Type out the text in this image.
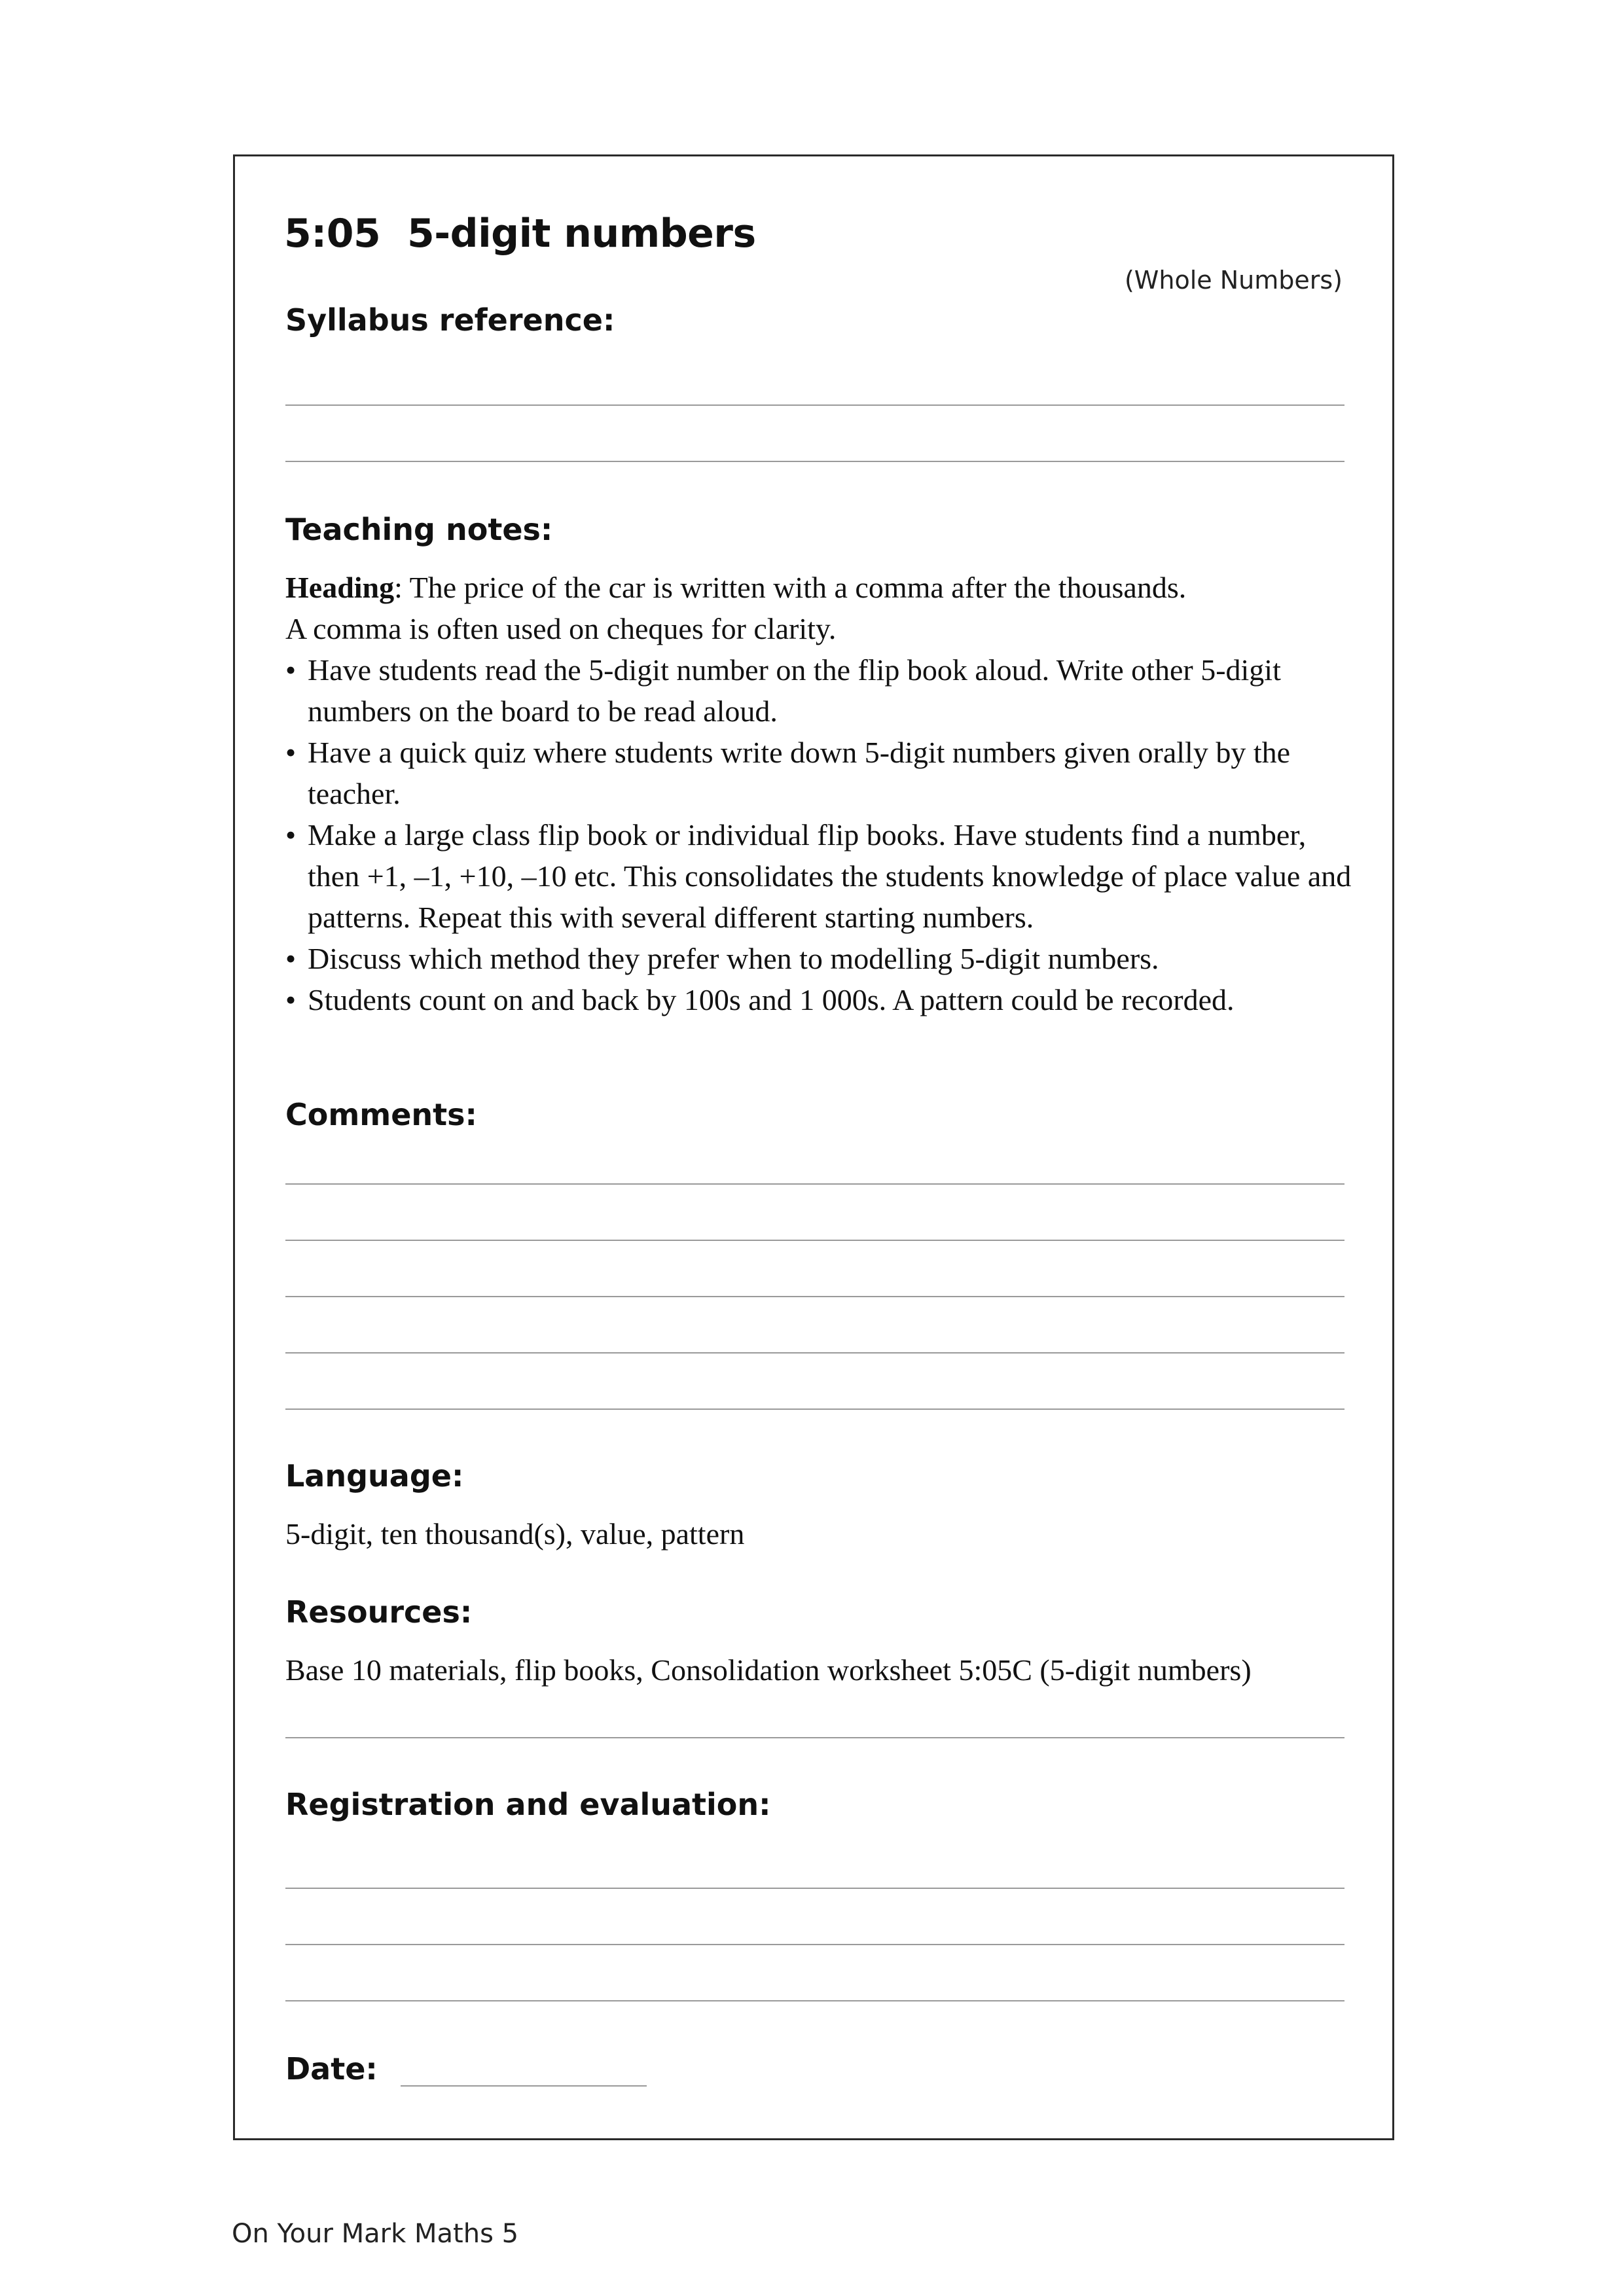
5:05  5-digit numbers
(Whole Numbers)
Syllabus reference:
Teaching notes:

Heading: The price of the car is written with a comma after the thousands.

A comma is often used on cheques for clarity.

• Have students read the 5-digit number on the flip book aloud. Write other 5-digit numbers on the board to be read aloud.
• Have a quick quiz where students write down 5-digit numbers given orally by the teacher.
• Make a large class flip book or individual flip books. Have students find a number, then +1, –1, +10, –10 etc. This consolidates the students knowledge of place value and patterns. Repeat this with several different starting numbers.
• Discuss which method they prefer when to modelling 5-digit numbers.
• Students count on and back by 100s and 1 000s. A pattern could be recorded.
Comments:
Language:
5-digit, ten thousand(s), value, pattern
Resources:
Base 10 materials, flip books, Consolidation worksheet 5:05C (5-digit numbers)
Registration and evaluation:
Date:
On Your Mark Maths 5
